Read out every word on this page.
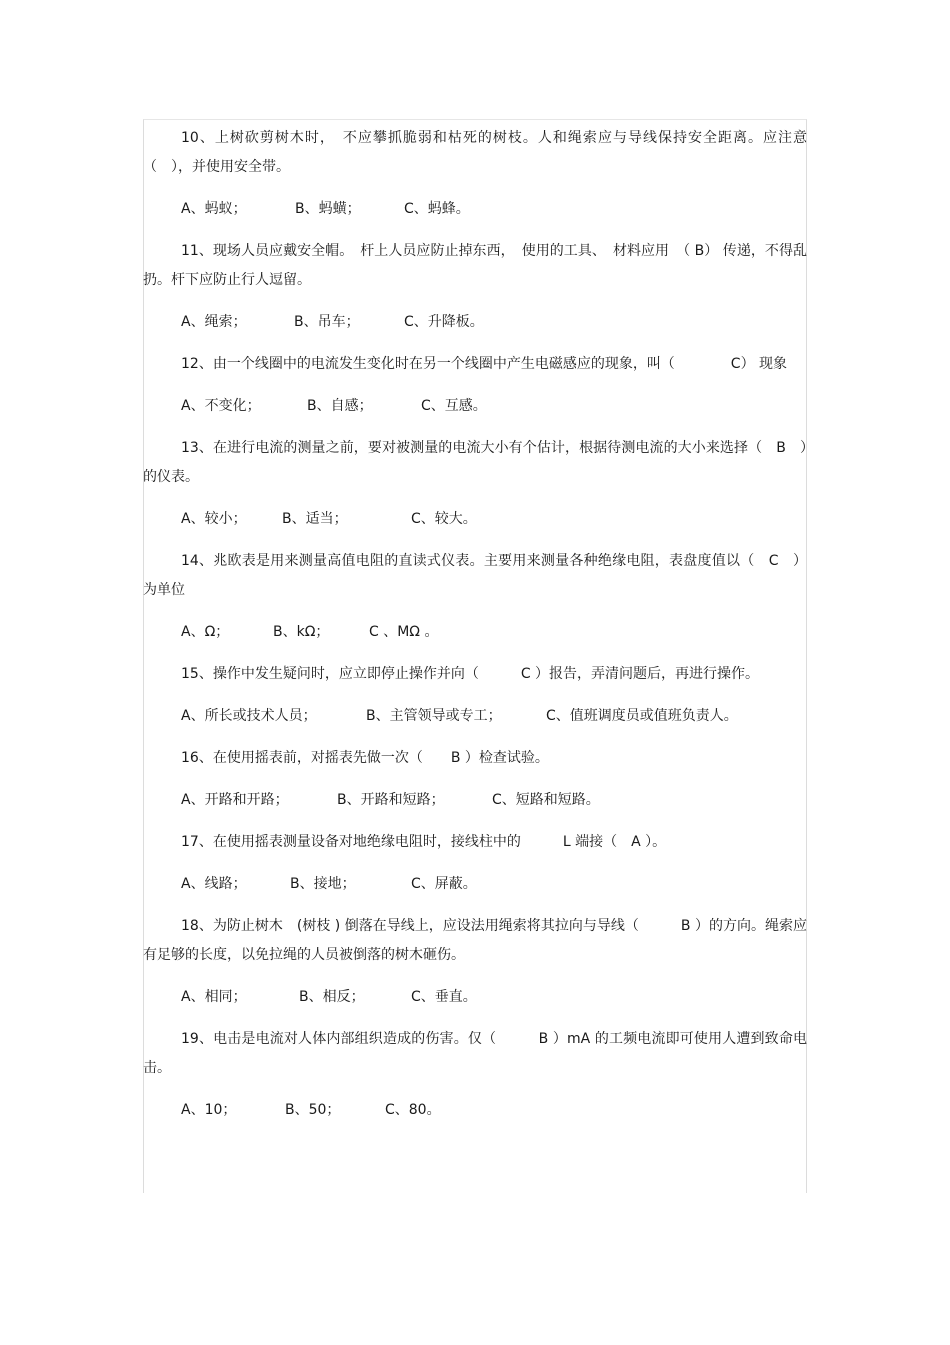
10、上树砍剪树木时，　不应攀抓脆弱和枯死的树枝。人和绳索应与导线保持安全距离。应注意　（　），并使用安全带。

A、蚂蚁；	B、蚂蟥；	C、蚂蜂。

11、现场人员应戴安全帽。　杆上人员应防止掉东西，　使用的工具、　材料应用　（ B） 传递，不得乱扔。杆下应防止行人逗留。

A、绳索；	B、吊车；	C、升降板。

12、由一个线圈中的电流发生变化时在另一个线圈中产生电磁感应的现象，叫（　　　　C） 现象

A、不变化；	B、自感；	C、互感。

13、在进行电流的测量之前，要对被测量的电流大小有个估计，根据待测电流的大小来选择（　B　）的仪表。

A、较小；	B、适当；	C、较大。

14、兆欧表是用来测量高值电阻的直读式仪表。主要用来测量各种绝缘电阻，表盘度值以（　C　）为单位

A、Ω；	B、kΩ；	C 、MΩ 。

15、操作中发生疑问时，应立即停止操作并向（　　　C ）报告，弄清问题后，再进行操作。

A、所长或技术人员；	B、主管领导或专工；	C、值班调度员或值班负责人。

16、在使用摇表前，对摇表先做一次（　　B ）检查试验。

A、开路和开路；	B、开路和短路；	C、短路和短路。

17、在使用摇表测量设备对地绝缘电阻时，接线柱中的　　　L 端接（　A ）。

A、线路；	B、接地；	C、屏蔽。

18、为防止树木　(树枝 ) 倒落在导线上，应设法用绳索将其拉向与导线（　　　B ）的方向。绳索应有足够的长度，以免拉绳的人员被倒落的树木砸伤。

A、相同；	B、相反；	C、垂直。

19、电击是电流对人体内部组织造成的伤害。仅（　　　B ）mA 的工频电流即可使用人遭到致命电击。

A、10；	B、50；	C、80。
